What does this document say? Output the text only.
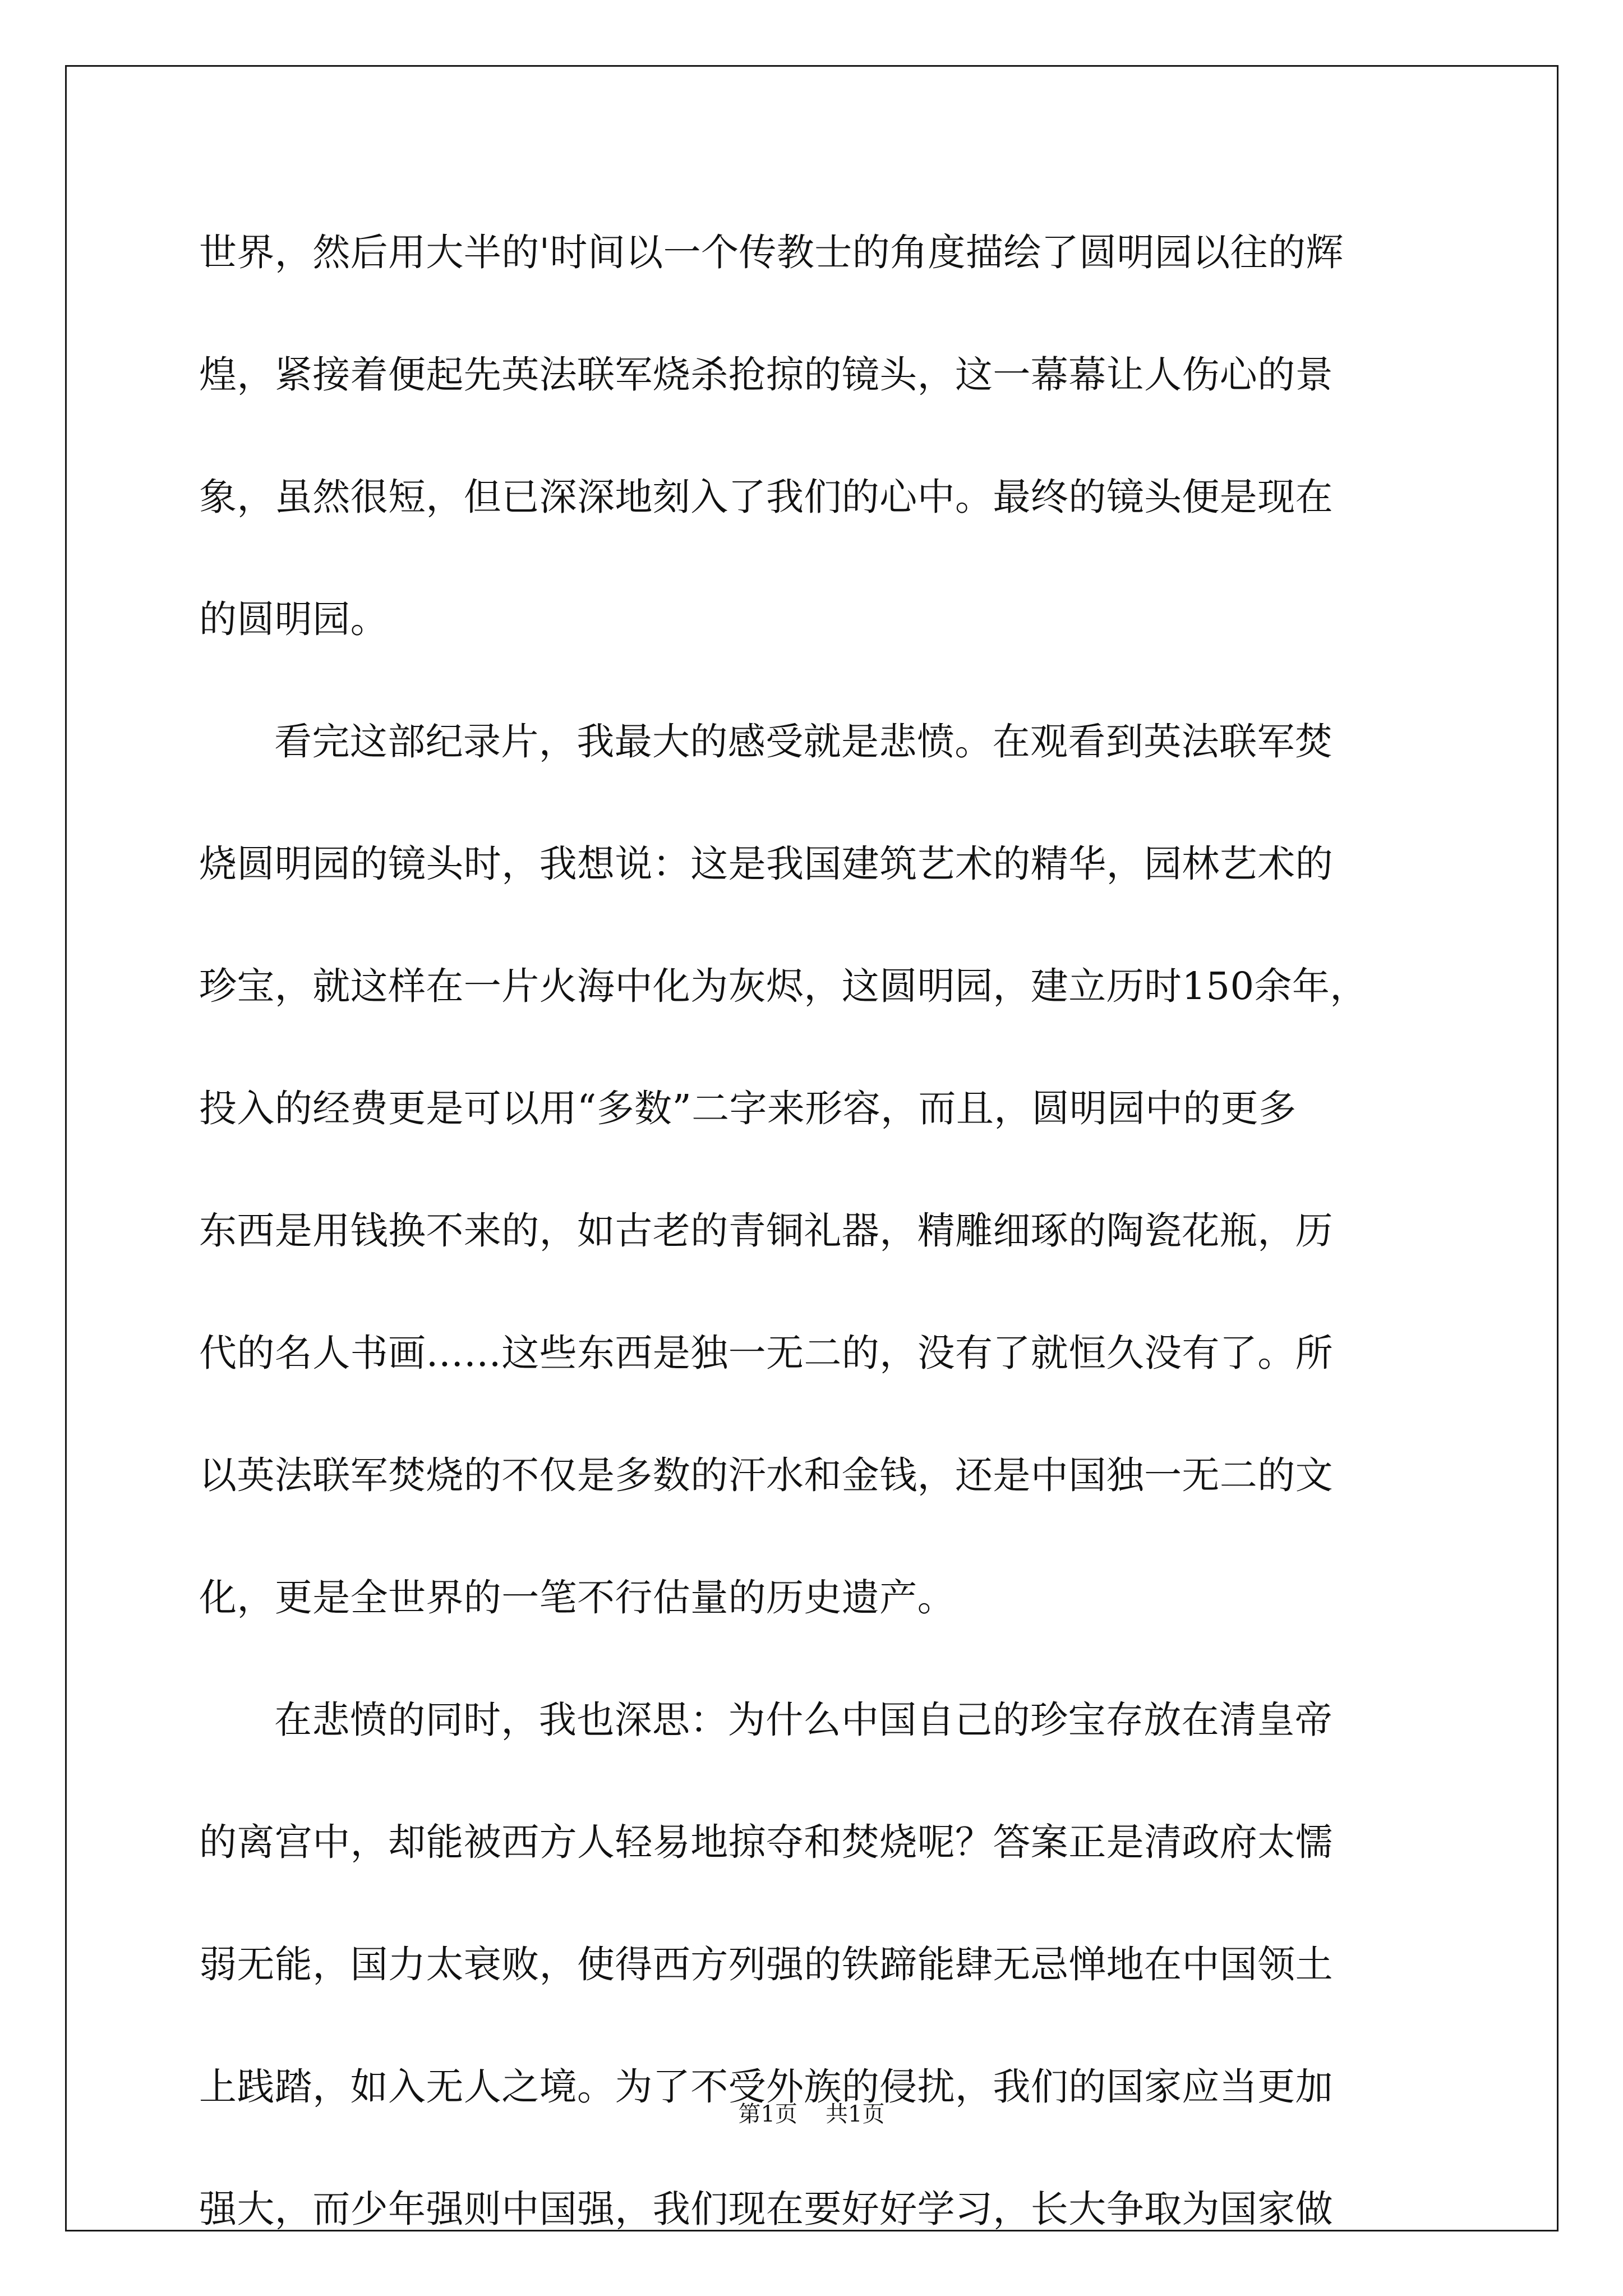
世界，然后用大半的'时间以一个传教士的角度描绘了圆明园以往的辉
煌，紧接着便起先英法联军烧杀抢掠的镜头，这一幕幕让人伤心的景
象，虽然很短，但已深深地刻入了我们的心中。最终的镜头便是现在
的圆明园。
看完这部纪录片，我最大的感受就是悲愤。在观看到英法联军焚
烧圆明园的镜头时，我想说：这是我国建筑艺术的精华，园林艺术的
珍宝，就这样在一片火海中化为灰烬，这圆明园，建立历时150余年，
投入的经费更是可以用“多数”二字来形容，而且，圆明园中的更多
东西是用钱换不来的，如古老的青铜礼器，精雕细琢的陶瓷花瓶，历
代的名人书画……这些东西是独一无二的，没有了就恒久没有了。所
以英法联军焚烧的不仅是多数的汗水和金钱，还是中国独一无二的文
化，更是全世界的一笔不行估量的历史遗产。
在悲愤的同时，我也深思：为什么中国自己的珍宝存放在清皇帝
的离宫中，却能被西方人轻易地掠夺和焚烧呢？答案正是清政府太懦
弱无能，国力太衰败，使得西方列强的铁蹄能肆无忌惮地在中国领土
上践踏，如入无人之境。为了不受外族的侵扰，我们的国家应当更加
强大，而少年强则中国强，我们现在要好好学习，长大争取为国家做
第1页 共1页
